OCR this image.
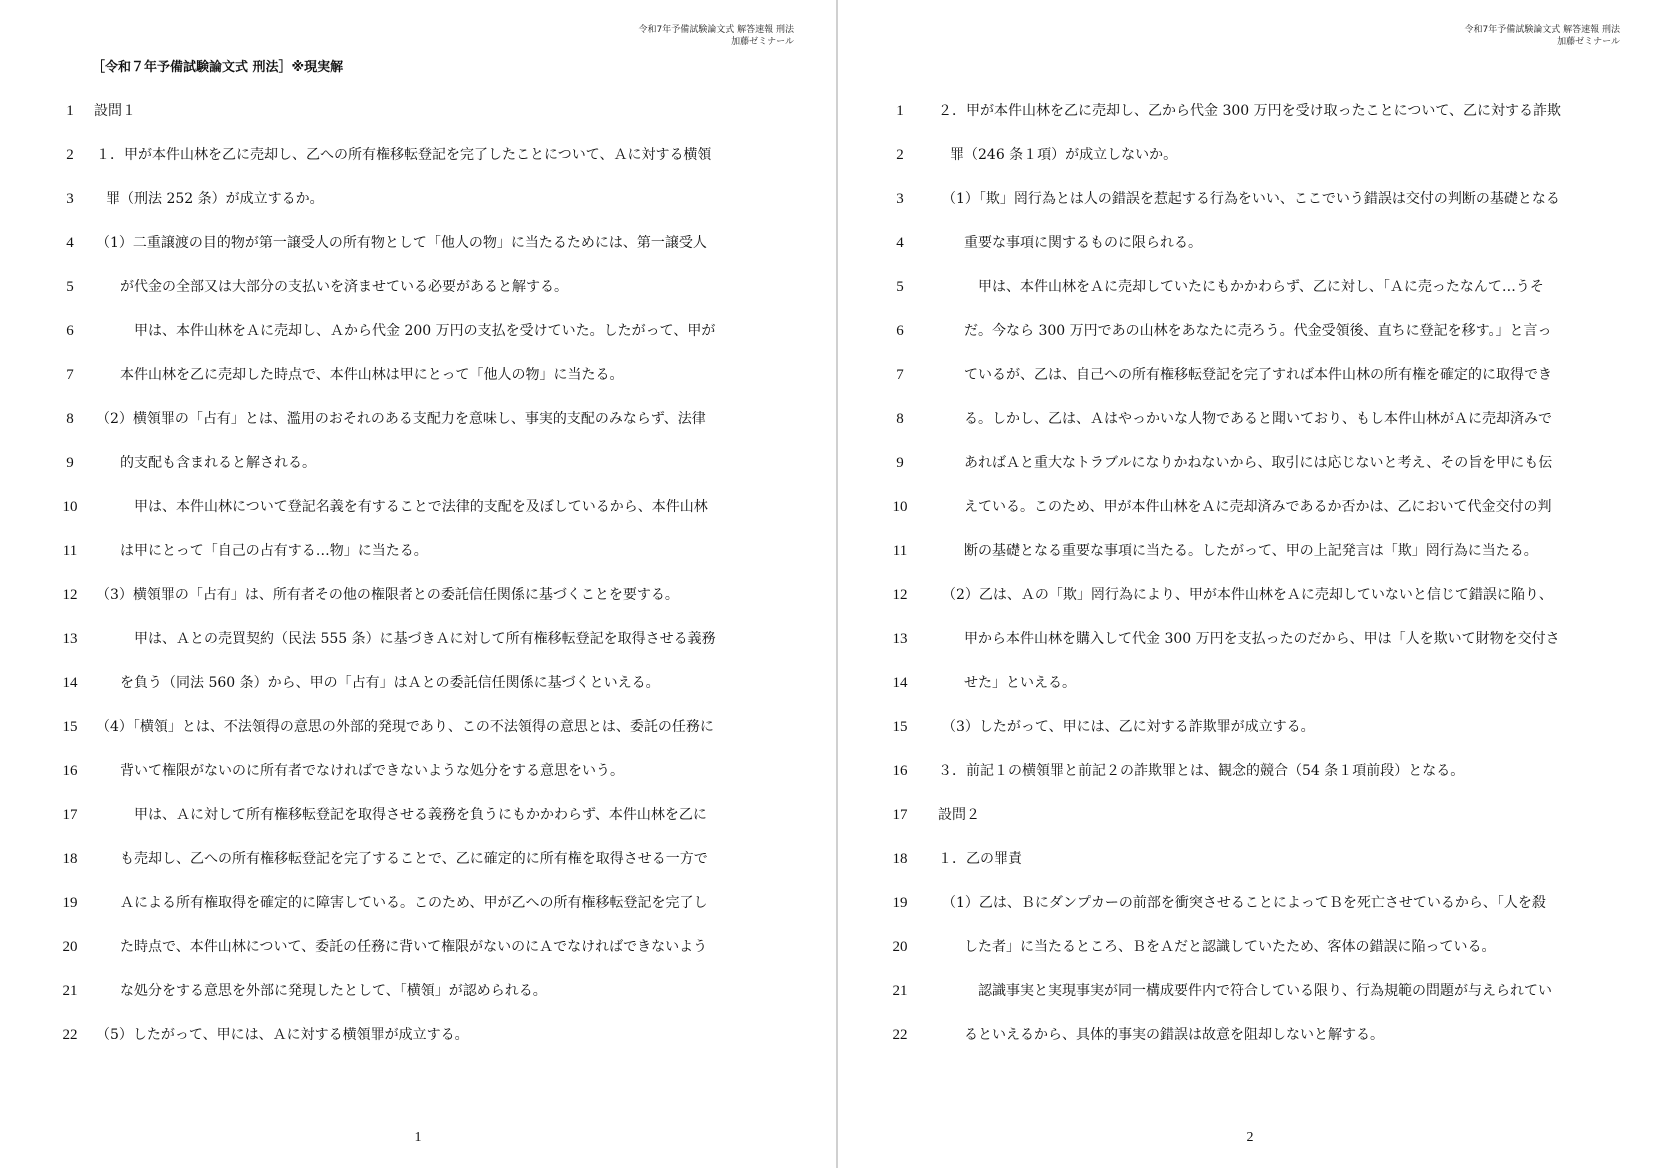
令和7年予備試験論文式 解答速報 刑法
加藤ゼミナール
［令和７年予備試験論文式 刑法］※現実解
1	設問１
2	１．甲が本件山林を乙に売却し、乙への所有権移転登記を完了したことについて、Ａに対する横領
3	罪（刑法 252 条）が成立するか。
4	（1）二重譲渡の目的物が第一譲受人の所有物として「他人の物」に当たるためには、第一譲受人
5	が代金の全部又は大部分の支払いを済ませている必要があると解する。
6	甲は、本件山林をＡに売却し、Ａから代金 200 万円の支払を受けていた。したがって、甲が
7	本件山林を乙に売却した時点で、本件山林は甲にとって「他人の物」に当たる。
8	（2）横領罪の「占有」とは、濫用のおそれのある支配力を意味し、事実的支配のみならず、法律
9	的支配も含まれると解される。
10	甲は、本件山林について登記名義を有することで法律的支配を及ぼしているから、本件山林
11	は甲にとって「自己の占有する…物」に当たる。
12	（3）横領罪の「占有」は、所有者その他の権限者との委託信任関係に基づくことを要する。
13	甲は、Ａとの売買契約（民法 555 条）に基づきＡに対して所有権移転登記を取得させる義務
14	を負う（同法 560 条）から、甲の「占有」はＡとの委託信任関係に基づくといえる。
15	（4）「横領」とは、不法領得の意思の外部的発現であり、この不法領得の意思とは、委託の任務に
16	背いて権限がないのに所有者でなければできないような処分をする意思をいう。
17	甲は、Ａに対して所有権移転登記を取得させる義務を負うにもかかわらず、本件山林を乙に
18	も売却し、乙への所有権移転登記を完了することで、乙に確定的に所有権を取得させる一方で
19	Ａによる所有権取得を確定的に障害している。このため、甲が乙への所有権移転登記を完了し
20	た時点で、本件山林について、委託の任務に背いて権限がないのにＡでなければできないよう
21	な処分をする意思を外部に発現したとして、「横領」が認められる。
22	（5）したがって、甲には、Ａに対する横領罪が成立する。
1
令和7年予備試験論文式 解答速報 刑法
加藤ゼミナール
1	２．甲が本件山林を乙に売却し、乙から代金 300 万円を受け取ったことについて、乙に対する詐欺
2	罪（246 条１項）が成立しないか。
3	（1）「欺」罔行為とは人の錯誤を惹起する行為をいい、ここでいう錯誤は交付の判断の基礎となる
4	重要な事項に関するものに限られる。
5	甲は、本件山林をＡに売却していたにもかかわらず、乙に対し、「Ａに売ったなんて…うそ
6	だ。今なら 300 万円であの山林をあなたに売ろう。代金受領後、直ちに登記を移す。」と言っ
7	ているが、乙は、自己への所有権移転登記を完了すれば本件山林の所有権を確定的に取得でき
8	る。しかし、乙は、Ａはやっかいな人物であると聞いており、もし本件山林がＡに売却済みで
9	あればＡと重大なトラブルになりかねないから、取引には応じないと考え、その旨を甲にも伝
10	えている。このため、甲が本件山林をＡに売却済みであるか否かは、乙において代金交付の判
11	断の基礎となる重要な事項に当たる。したがって、甲の上記発言は「欺」罔行為に当たる。
12	（2）乙は、Ａの「欺」罔行為により、甲が本件山林をＡに売却していないと信じて錯誤に陥り、
13	甲から本件山林を購入して代金 300 万円を支払ったのだから、甲は「人を欺いて財物を交付さ
14	せた」といえる。
15	（3）したがって、甲には、乙に対する詐欺罪が成立する。
16	３．前記１の横領罪と前記２の詐欺罪とは、観念的競合（54 条１項前段）となる。
17	設問２
18	１．乙の罪責
19	（1）乙は、Ｂにダンプカーの前部を衝突させることによってＢを死亡させているから、「人を殺
20	した者」に当たるところ、ＢをＡだと認識していたため、客体の錯誤に陥っている。
21	認識事実と実現事実が同一構成要件内で符合している限り、行為規範の問題が与えられてい
22	るといえるから、具体的事実の錯誤は故意を阻却しないと解する。
2
